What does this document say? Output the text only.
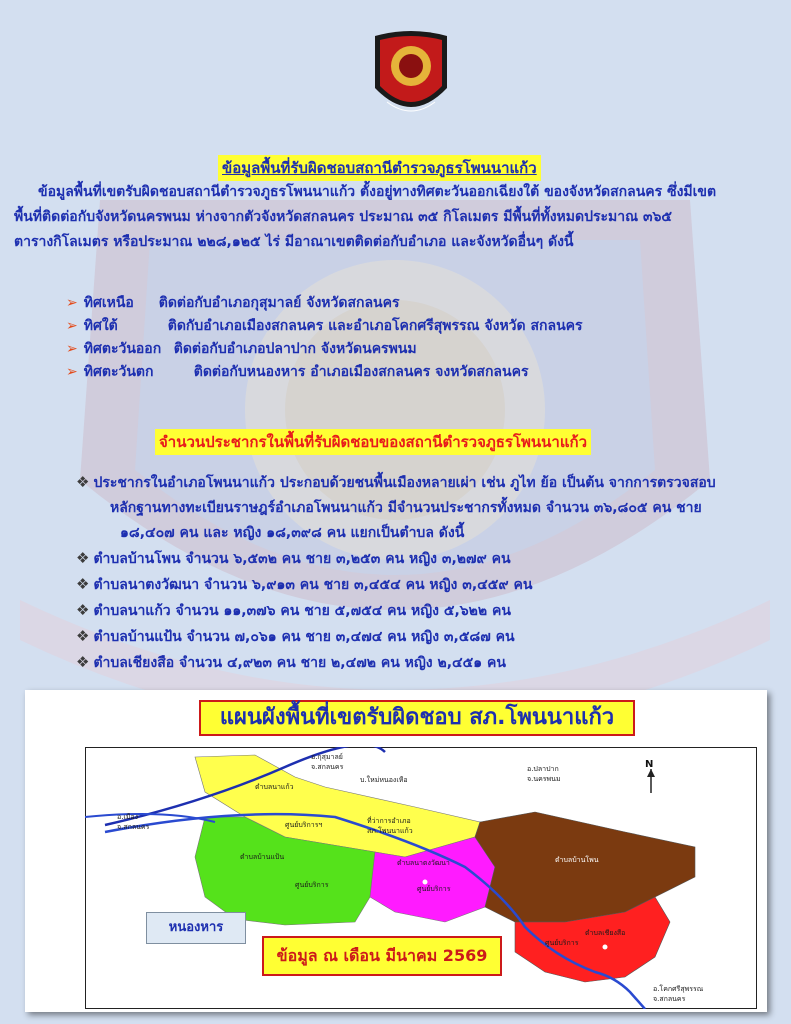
ข้อมูลพื้นที่รับผิดชอบสถานีตำรวจภูธรโพนนาแก้ว
ข้อมูลพื้นที่เขตรับผิดชอบสถานีตำรวจภูธรโพนนาแก้ว ตั้งอยู่ทางทิศตะวันออกเฉียงใต้ ของจังหวัดสกลนคร ซึ่งมีเขต
พื้นที่ติดต่อกับจังหวัดนครพนม ห่างจากตัวจังหวัดสกลนคร ประมาณ ๓๕ กิโลเมตร มีพื้นที่ทั้งหมดประมาณ ๓๖๕
ตารางกิโลเมตร หรือประมาณ ๒๒๘,๑๒๕ ไร่ มีอาณาเขตติดต่อกับอำเภอ และจังหวัดอื่นๆ ดังนี้
➢ ทิศเหนือ ติดต่อกับอำเภอกุสุมาลย์ จังหวัดสกลนคร
➢ ทิศใต้	ติดกับอำเภอเมืองสกลนคร และอำเภอโคกศรีสุพรรณ จังหวัด สกลนคร
➢ ทิศตะวันออก ติดต่อกับอำเภอปลาปาก จังหวัดนครพนม
➢ ทิศตะวันตก	ติดต่อกับหนองหาร อำเภอเมืองสกลนคร จงหวัดสกลนคร
จำนวนประชากรในพื้นที่รับผิดชอบของสถานีตำรวจภูธรโพนนาแก้ว
❖ ประชากรในอำเภอโพนนาแก้ว ประกอบด้วยชนพื้นเมืองหลายเผ่า เช่น ภูไท ย้อ เป็นต้น จากการตรวจสอบ
หลักฐานทางทะเบียนราษฎร์อำเภอโพนนาแก้ว มีจำนวนประชากรทั้งหมด จำนวน ๓๖,๘๐๕ คน ชาย
๑๘,๔๐๗ คน และ หญิง ๑๘,๓๙๘ คน แยกเป็นตำบล ดังนี้
❖ ตำบลบ้านโพน จำนวน ๖,๕๓๒ คน ชาย ๓,๒๕๓ คน หญิง ๓,๒๗๙ คน
❖ ตำบลนาตงวัฒนา จำนวน ๖,๙๑๓ คน ชาย ๓,๔๕๔ คน หญิง ๓,๔๕๙ คน
❖ ตำบลนาแก้ว จำนวน ๑๑,๓๗๖ คน ชาย ๕,๗๕๔ คน หญิง ๕,๖๒๒ คน
❖ ตำบลบ้านแป้น จำนวน ๗,๐๖๑ คน ชาย ๓,๔๗๔ คน หญิง ๓,๕๘๗ คน
❖ ตำบลเชียงสือ จำนวน ๔,๙๒๓ คน ชาย ๒,๔๗๒ คน หญิง ๒,๔๕๑ คน
แผนผังพื้นที่เขตรับผิดชอบ สภ.โพนนาแก้ว
N
อ.กุสุมาลย์
จ.สกลนคร	อ.ปลาปาก
จ.นครพนม
อ.เมือง
จ.สกลนคร
อ.โคกศรีสุพรรณ
จ.สกลนคร
ตำบลนาแก้ว
ตำบลบ้านแป้น
ตำบลนาตงวัฒนา	ตำบลบ้านโพน
ตำบลเชียงสือ
บ.ใหม่หนองเหือ
ที่ว่าการอำเภอ
สภ.โพนนาแก้ว
ศูนย์บริการฯ
ศูนย์บริการ	ศูนย์บริการ
ศูนย์บริการ
หนองหาร
ข้อมูล ณ เดือน มีนาคม 2569
